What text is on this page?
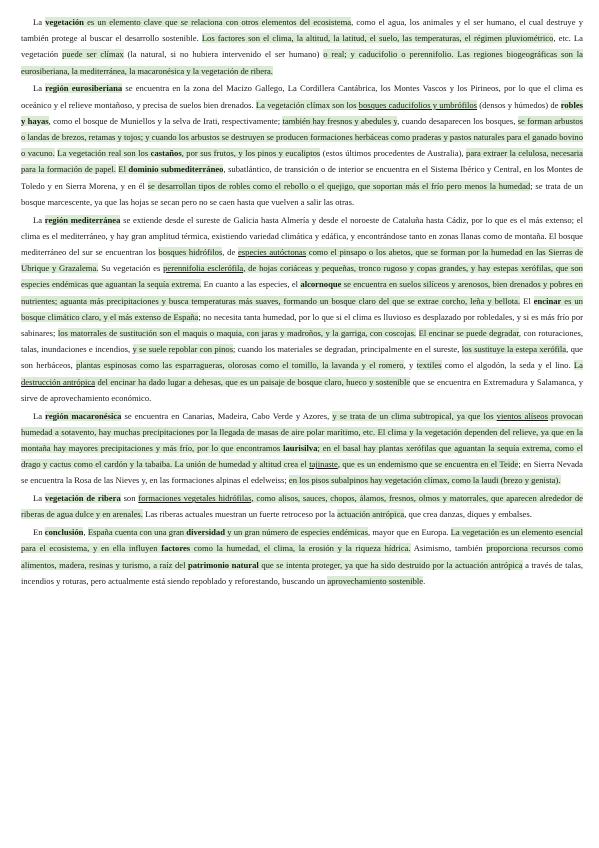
La vegetación es un elemento clave que se relaciona con otros elementos del ecosistema, como el agua, los animales y el ser humano, el cual destruye y también protege al buscar el desarrollo sostenible. Los factores son el clima, la altitud, la latitud, el suelo, las temperaturas, el régimen pluviométrico, etc. La vegetación puede ser clímax (la natural, si no hubiera intervenido el ser humano) o real; y caducifolio o perennifolio. Las regiones biogeográficas son la eurosiberiana, la mediterránea, la macaronésica y la vegetación de ribera.

La región eurosiberiana se encuentra en la zona del Macizo Gallego, La Cordillera Cantábrica, los Montes Vascos y los Pirineos, por lo que el clima es oceánico y el relieve montañoso, y precisa de suelos bien drenados. La vegetación clímax son los bosques caducifolios y umbrófilos (densos y húmedos) de robles y hayas, como el bosque de Muniellos y la selva de Irati, respectivamente; también hay fresnos y abedules y, cuando desaparecen los bosques, se forman arbustos o landas de brezos, retamas y tojos; y cuando los arbustos se destruyen se producen formaciones herbáceas como praderas y pastos naturales para el ganado bovino o vacuno. La vegetación real son los castaños, por sus frutos, y los pinos y eucaliptos (estos últimos procedentes de Australia), para extraer la celulosa, necesaria para la formación de papel. El dominio submediterráneo, subatlántico, de transición o de interior se encuentra en el Sistema Ibérico y Central, en los Montes de Toledo y en Sierra Morena, y en él se desarrollan tipos de robles como el rebollo o el quejigo, que soportan más el frío pero menos la humedad; se trata de un bosque marcescente, ya que las hojas se secan pero no se caen hasta que vuelven a salir las otras.

La región mediterránea se extiende desde el sureste de Galicia hasta Almería y desde el noroeste de Cataluña hasta Cádiz, por lo que es el más extenso; el clima es el mediterráneo, y hay gran amplitud térmica, existiendo variedad climática y edáfica, y encontrándose tanto en zonas llanas como de montaña. El bosque mediterráneo del sur se encuentran los bosques hidrófilos, de especies autóctonas como el pinsapo o los abetos, que se forman por la humedad en las Sierras de Ubrique y Grazalema. Su vegetación es perennifolia esclerófila, de hojas coriáceas y pequeñas, tronco rugoso y copas grandes, y hay estepas xerófilas, que son especies endémicas que aguantan la sequía extrema. En cuanto a las especies, el alcornoque se encuentra en suelos silíceos y arenosos, bien drenados y pobres en nutrientes; aguanta más precipitaciones y busca temperaturas más suaves, formando un bosque claro del que se extrae corcho, leña y bellota. El encinar es un bosque climático claro, y el más extenso de España; no necesita tanta humedad, por lo que si el clima es lluvioso es desplazado por robledales, y si es más frío por sabinares; los matorrales de sustitución son el maquis o maquia, con jaras y madroños, y la garriga, con coscojas. El encinar se puede degradar, con roturaciones, talas, inundaciones e incendios, y se suele repoblar con pinos; cuando los materiales se degradan, principalmente en el sureste, los sustituye la estepa xerófila, que son herbáceos, plantas espinosas como las esparragueras, olorosas como el tomillo, la lavanda y el romero, y textiles como el algodón, la seda y el lino. La destrucción antrópica del encinar ha dado lugar a dehesas, que es un paisaje de bosque claro, hueco y sostenible que se encuentra en Extremadura y Salamanca, y sirve de aprovechamiento económico.

La región macaronésica se encuentra en Canarias, Madeira, Cabo Verde y Azores, y se trata de un clima subtropical, ya que los vientos alíseos provocan humedad a sotavento, hay muchas precipitaciones por la llegada de masas de aire polar marítimo, etc. El clima y la vegetación dependen del relieve, ya que en la montaña hay mayores precipitaciones y más frío, por lo que encontramos laurisilva; en el basal hay plantas xerófilas que aguantan la sequía extrema, como el drago y cactus como el cardón y la tabaiba. La unión de humedad y altitud crea el tajinaste, que es un endemismo que se encuentra en el Teide; en Sierra Nevada se encuentra la Rosa de las Nieves y, en las formaciones alpinas el edelweiss; en los pisos subalpinos hay vegetación clímax, como la laudi (brezo y genista).

La vegetación de ribera son formaciones vegetales hidrófilas, como alisos, sauces, chopos, álamos, fresnos, olmos y matorrales, que aparecen alrededor de riberas de agua dulce y en arenales. Las riberas actuales muestran un fuerte retroceso por la actuación antrópica, que crea danzas, diques y embalses.

En conclusión, España cuenta con una gran diversidad y un gran número de especies endémicas, mayor que en Europa. La vegetación es un elemento esencial para el ecosistema, y en ella influyen factores como la humedad, el clima, la erosión y la riqueza hídrica. Asimismo, también proporciona recursos como alimentos, madera, resinas y turismo, a raíz del patrimonio natural que se intenta proteger, ya que ha sido destruido por la actuación antrópica a través de talas, incendios y roturas, pero actualmente está siendo repoblado y reforestando, buscando un aprovechamiento sostenible.
